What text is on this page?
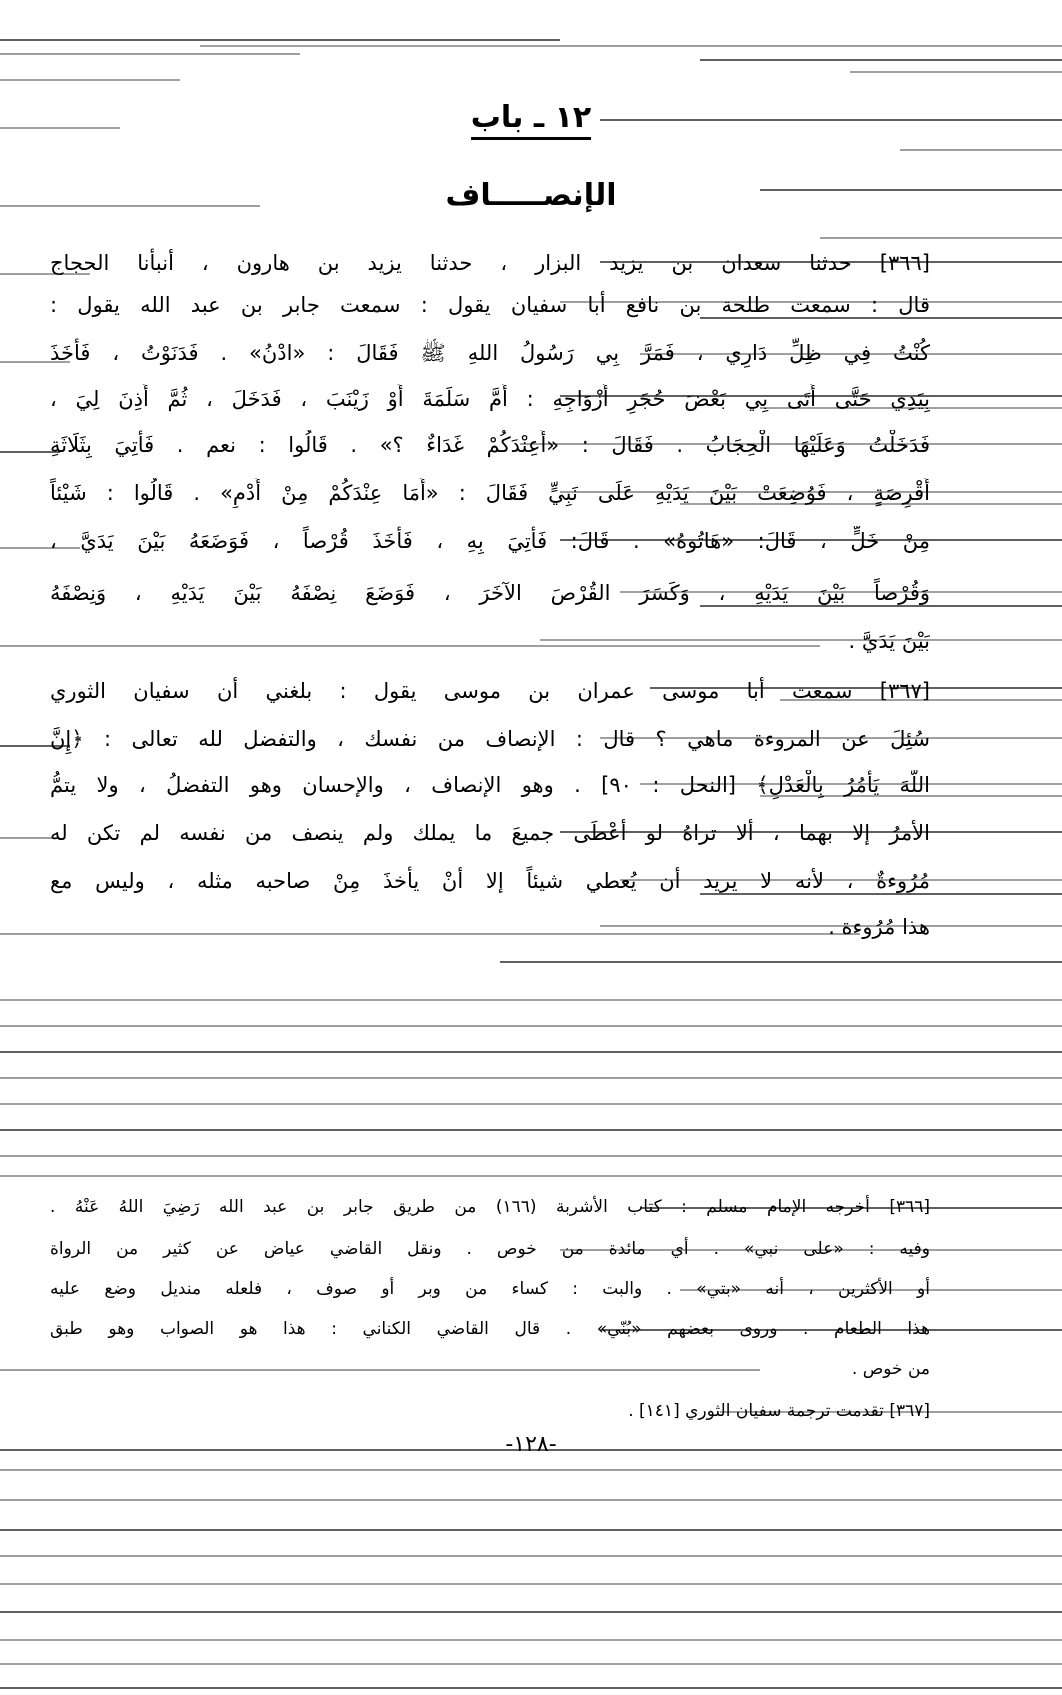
١٢ ـ باب
الإنصـــــاف
[٣٦٦] حدثنا سعدان بن يزيد البزار ، حدثنا يزيد بن هارون ، أنبأنا الحجاج
قال : سمعت طلحة بن نافع أبا سفيان يقول : سمعت جابر بن عبد الله يقول :
كُنْتُ فِي ظِلِّ دَارِي ، فَمَرَّ بِي رَسُولُ اللهِ ﷺ فَقَالَ : «ادْنُ» . فَدَنَوْتُ ، فَأَخَذَ
بِيَدِي حَتَّى أَتَى بِي بَعْضَ حُجَرِ أَزْوَاجِهِ : أُمَّ سَلَمَةَ أَوْ زَيْنَبَ ، فَدَخَلَ ، ثُمَّ أَذِنَ لِيَ ،
فَدَخَلْتُ وَعَلَيْهَا الْحِجَابُ . فَقَالَ : «أَعِنْدَكُمْ غَدَاءٌ ؟» . قَالُوا : نعم . فَأُتِيَ بِثَلَاثَةِ
أَقْرِصَةٍ ، فَوُضِعَتْ بَيْنَ يَدَيْهِ عَلَى نَبِيٍّ فَقَالَ : «أَمَا عِنْدَكُمْ مِنْ أُدْمٍ» . قَالُوا : شَيْئاً
مِنْ خَلٍّ ، قَالَ: «هَاتُوهُ» . قَالَ: فَأُتِيَ بِهِ ، فَأَخَذَ قُرْصاً ، فَوَضَعَهُ بَيْنَ يَدَيَّ ،
وَقُرْصاً بَيْنَ يَدَيْهِ ، وَكَسَرَ القُرْصَ الآخَرَ ، فَوَضَعَ نِصْفَهُ بَيْنَ يَدَيْهِ ، وَنِصْفَهُ
بَيْنَ يَدَيَّ .
[٣٦٧] سمعت أبا موسى عمران بن موسى يقول : بلغني أن سفيان الثوري
سُئِلَ عن المروءة ماهي ؟ قال : الإنصاف من نفسك ، والتفضل لله تعالى : ﴿إِنَّ
اللَّهَ يَأْمُرُ بِالْعَدْلِ﴾ [النحل : ٩٠] . وهو الإنصاف ، والإحسان وهو التفضلُ ، ولا يتمُّ
الأمرُ إلا بهما ، ألا تراهُ لو أعْطَى جميعَ ما يملك ولم ينصف من نفسه لم تكن له
مُرُوءةٌ ، لأنه لا يريد أن يُعطي شيئاً إلا أنْ يأخذَ مِنْ صاحبه مثله ، وليس مع
هذا مُرُوءة .
[٣٦٦] أخرجه الإمام مسلم : كتاب الأشربة (١٦٦) من طريق جابر بن عبد الله رَضِيَ اللهُ عَنْهُ .
وفيه : «على نبي» . أي مائدة من خوص . ونقل القاضي عياض عن كثير من الرواة
أو الأكثرين ، أنه «بتي» . والبت : كساء من وبر أو صوف ، فلعله منديل وضع عليه
هذا الطعام . وروى بعضهم «بُنّي» . قال القاضي الكناني : هذا هو الصواب وهو طبق
من خوص .
[٣٦٧] تقدمت ترجمة سفيان الثوري [١٤١] .
-١٢٨-
